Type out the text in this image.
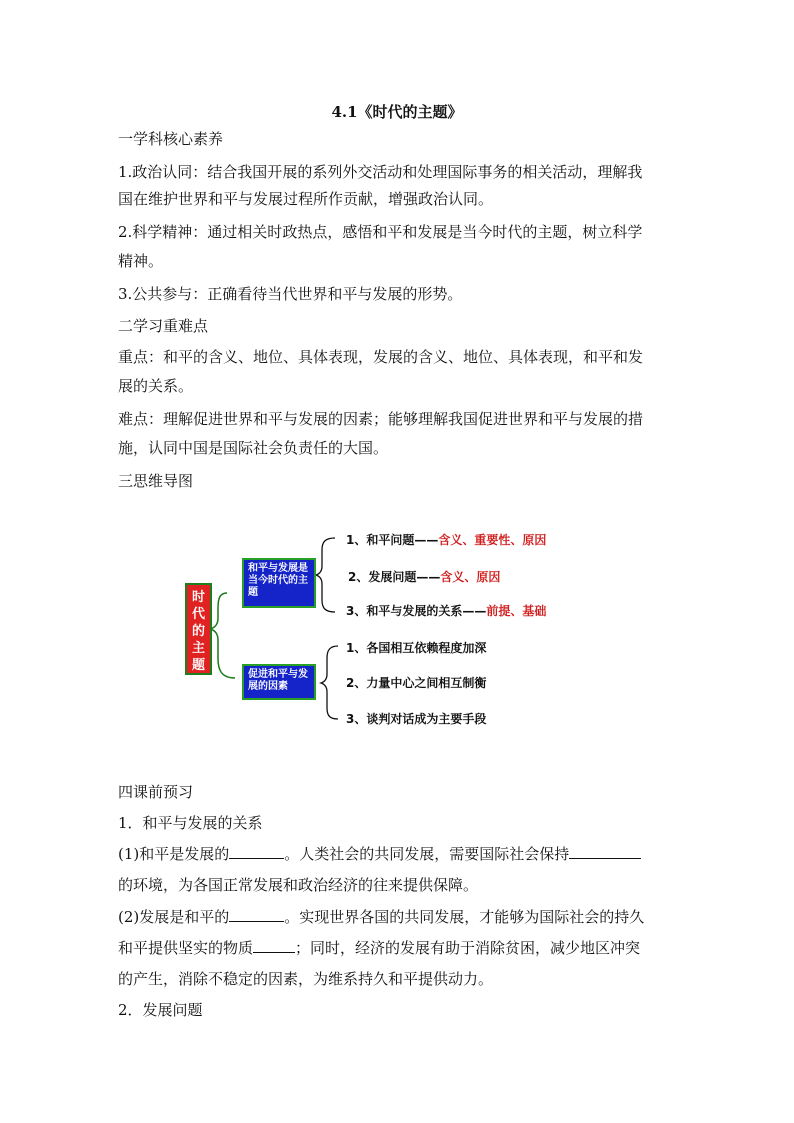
4.1《时代的主题》
一学科核心素养
1.政治认同：结合我国开展的系列外交活动和处理国际事务的相关活动，理解我
国在维护世界和平与发展过程所作贡献，增强政治认同。
2.科学精神：通过相关时政热点，感悟和平和发展是当今时代的主题，树立科学
精神。
3.公共参与：正确看待当代世界和平与发展的形势。
二学习重难点
重点：和平的含义、地位、具体表现，发展的含义、地位、具体表现，和平和发
展的关系。
难点：理解促进世界和平与发展的因素；能够理解我国促进世界和平与发展的措
施，认同中国是国际社会负责任的大国。
三思维导图
时代的主题
和平与发展是当今时代的主题
促进和平与发展的因素
1、和平问题——含义、重要性、原因
2、发展问题——含义、原因
3、和平与发展的关系——前提、基础
1、各国相互依赖程度加深
2、力量中心之间相互制衡
3、谈判对话成为主要手段
四课前预习
1．和平与发展的关系
(1)和平是发展的	。人类社会的共同发展，需要国际社会保持
的环境，为各国正常发展和政治经济的往来提供保障。
(2)发展是和平的	。实现世界各国的共同发展，才能够为国际社会的持久
和平提供坚实的物质	；同时，经济的发展有助于消除贫困，减少地区冲突
的产生，消除不稳定的因素，为维系持久和平提供动力。
2．发展问题
